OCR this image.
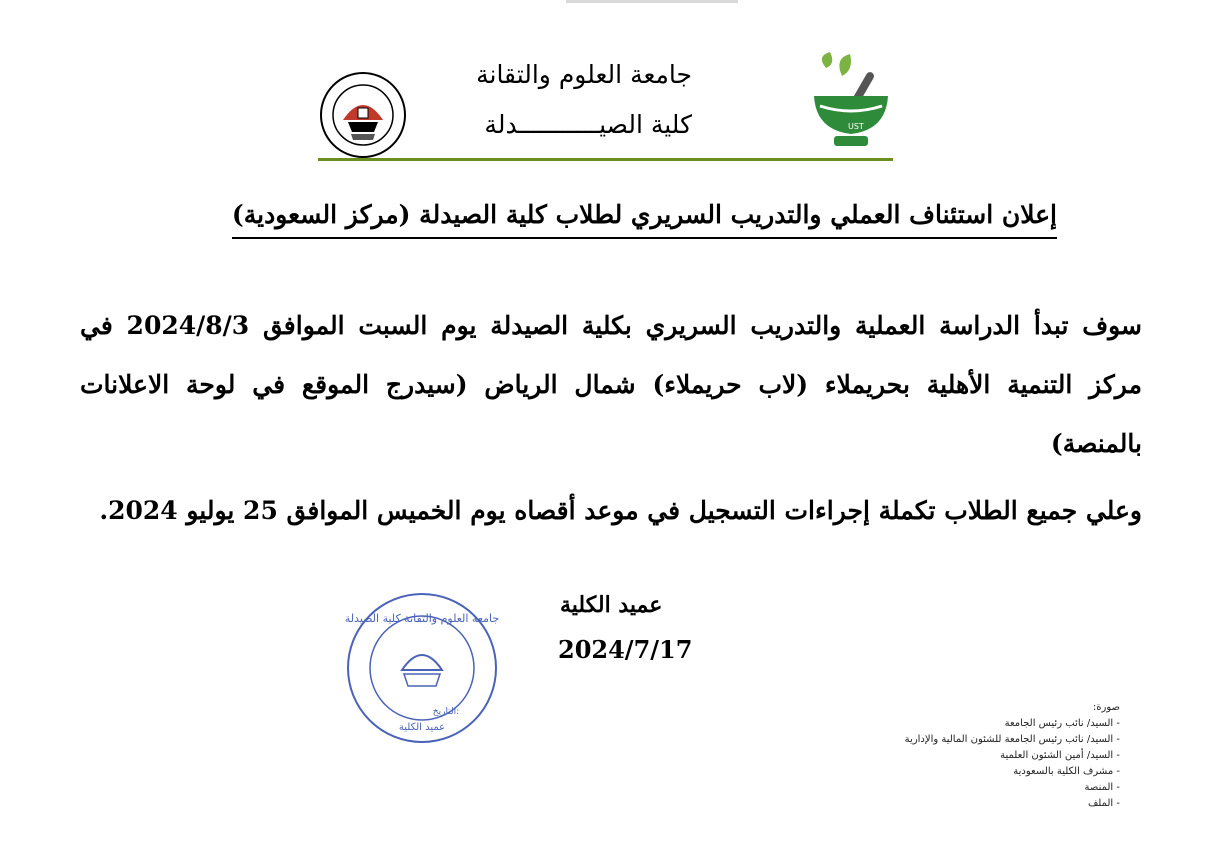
UST
جامعة العلوم والتقانة
كلية الصيـــــــــــدلة
إعلان استئناف العملي والتدريب السريري لطلاب كلية الصيدلة (مركز السعودية)
سوف تبدأ الدراسة العملية والتدريب السريري بكلية الصيدلة يوم السبت الموافق 2024/8/3 في مركز التنمية الأهلية بحريملاء (لاب حريملاء) شمال الرياض (سيدرج الموقع في لوحة الاعلانات بالمنصة)
وعلي جميع الطلاب تكملة إجراءات التسجيل في موعد أقصاه يوم الخميس الموافق 25 يوليو 2024.
جامعة العلوم والتقانة كلية الصيدلة
التاريخ:
عميد الكلية
عميد الكلية
2024/7/17
صورة:
- السيد/ نائب رئيس الجامعة
- السيد/ نائب رئيس الجامعة للشئون المالية والإدارية
- السيد/ أمين الشئون العلمية
- مشرف الكلية بالسعودية
- المنصة
- الملف
